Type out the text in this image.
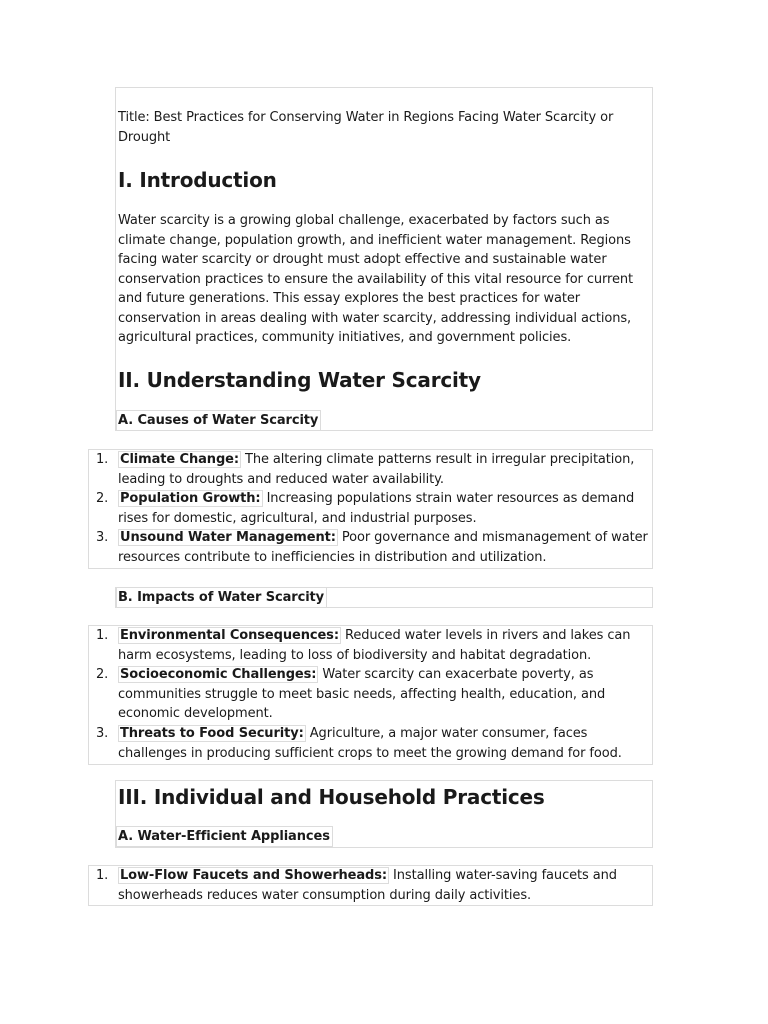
Title: Best Practices for Conserving Water in Regions Facing Water Scarcity or Drought
I. Introduction
Water scarcity is a growing global challenge, exacerbated by factors such as climate change, population growth, and inefficient water management. Regions facing water scarcity or drought must adopt effective and sustainable water conservation practices to ensure the availability of this vital resource for current and future generations. This essay explores the best practices for water conservation in areas dealing with water scarcity, addressing individual actions, agricultural practices, community initiatives, and government policies.
II. Understanding Water Scarcity
A. Causes of Water Scarcity
1. Climate Change: The altering climate patterns result in irregular precipitation, leading to droughts and reduced water availability.
2. Population Growth: Increasing populations strain water resources as demand rises for domestic, agricultural, and industrial purposes.
3. Unsound Water Management: Poor governance and mismanagement of water resources contribute to inefficiencies in distribution and utilization.
B. Impacts of Water Scarcity
1. Environmental Consequences: Reduced water levels in rivers and lakes can harm ecosystems, leading to loss of biodiversity and habitat degradation.
2. Socioeconomic Challenges: Water scarcity can exacerbate poverty, as communities struggle to meet basic needs, affecting health, education, and economic development.
3. Threats to Food Security: Agriculture, a major water consumer, faces challenges in producing sufficient crops to meet the growing demand for food.
III. Individual and Household Practices
A. Water-Efficient Appliances
1. Low-Flow Faucets and Showerheads: Installing water-saving faucets and showerheads reduces water consumption during daily activities.
